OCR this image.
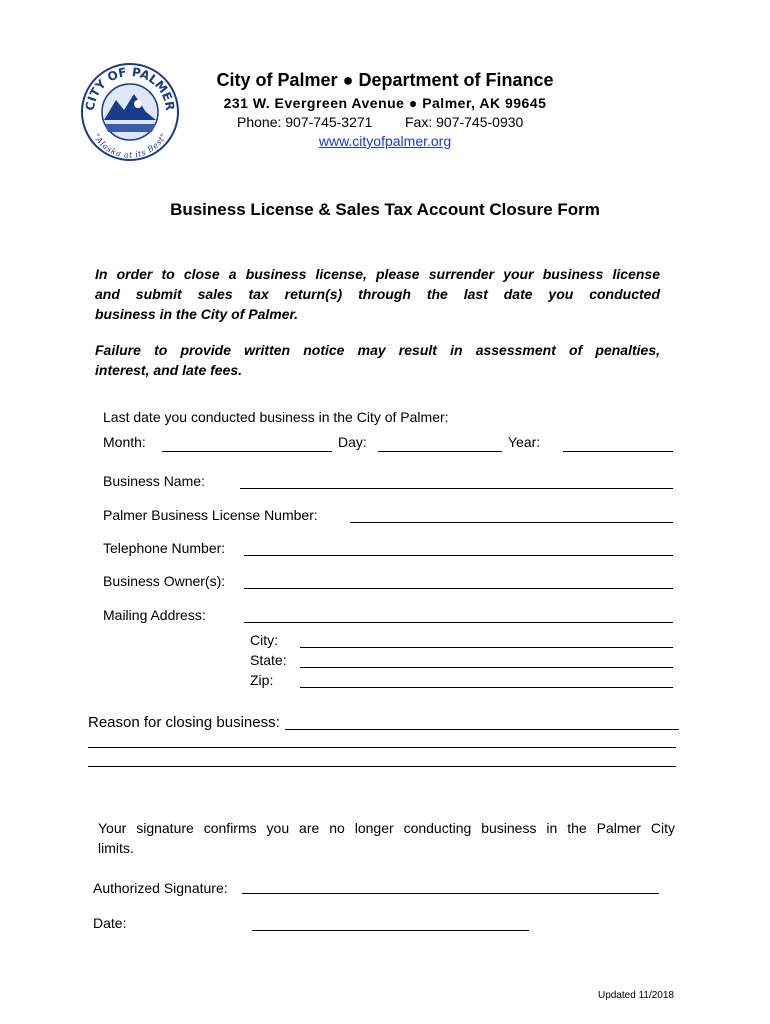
CITY OF PALMER
"Alaska at its Best"
City of Palmer ● Department of Finance
231 W. Evergreen Avenue ● Palmer, AK 99645
Phone: 907-745-3271 Fax: 907-745-0930
www.cityofpalmer.org
Business License & Sales Tax Account Closure Form
In order to close a business license, please surrender your business license
and submit sales tax return(s) through the last date you conducted
business in the City of Palmer.
Failure to provide written notice may result in assessment of penalties,
interest, and late fees.
Last date you conducted business in the City of Palmer:
Month:	Day:	Year:
Business Name:
Palmer Business License Number:
Telephone Number:
Business Owner(s):
Mailing Address:
City:
State:
Zip:
Reason for closing business:
Your signature confirms you are no longer conducting business in the Palmer City
limits.
Authorized Signature:
Date:
Updated 11/2018
